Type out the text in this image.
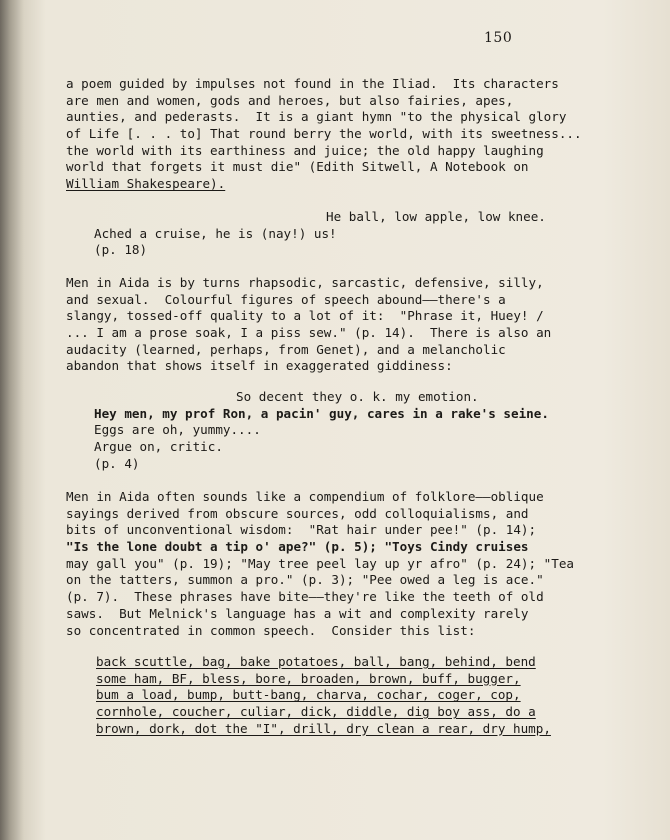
150
a poem guided by impulses not found in the Iliad.  Its characters
are men and women, gods and heroes, but also fairies, apes,
aunties, and pederasts.  It is a giant hymn "to the physical glory
of Life [. . . to] That round berry the world, with its sweetness...
the world with its earthiness and juice; the old happy laughing
world that forgets it must die" (Edith Sitwell, A Notebook on
William Shakespeare).
He ball, low apple, low knee.
Ached a cruise, he is (nay!) us!
(p. 18)
Men in Aida is by turns rhapsodic, sarcastic, defensive, silly,
and sexual.  Colourful figures of speech abound——there's a
slangy, tossed-off quality to a lot of it:  "Phrase it, Huey! /
... I am a prose soak, I a piss sew." (p. 14).  There is also an
audacity (learned, perhaps, from Genet), and a melancholic
abandon that shows itself in exaggerated giddiness:
So decent they o. k. my emotion.
Hey men, my prof Ron, a pacin' guy, cares in a rake's seine.
Eggs are oh, yummy....
Argue on, critic.
(p. 4)
Men in Aida often sounds like a compendium of folklore——oblique
sayings derived from obscure sources, odd colloquialisms, and
bits of unconventional wisdom:  "Rat hair under pee!" (p. 14);
"Is the lone doubt a tip o' ape?" (p. 5); "Toys Cindy cruises
may gall you" (p. 19); "May tree peel lay up yr afro" (p. 24); "Tea
on the tatters, summon a pro." (p. 3); "Pee owed a leg is ace."
(p. 7).  These phrases have bite——they're like the teeth of old
saws.  But Melnick's language has a wit and complexity rarely
so concentrated in common speech.  Consider this list:
back scuttle, bag, bake potatoes, ball, bang, behind, bend
some ham, BF, bless, bore, broaden, brown, buff, bugger,
bum a load, bump, butt-bang, charva, cochar, coger, cop,
cornhole, coucher, culiar, dick, diddle, dig boy ass, do a
brown, dork, dot the "I", drill, dry clean a rear, dry hump,
